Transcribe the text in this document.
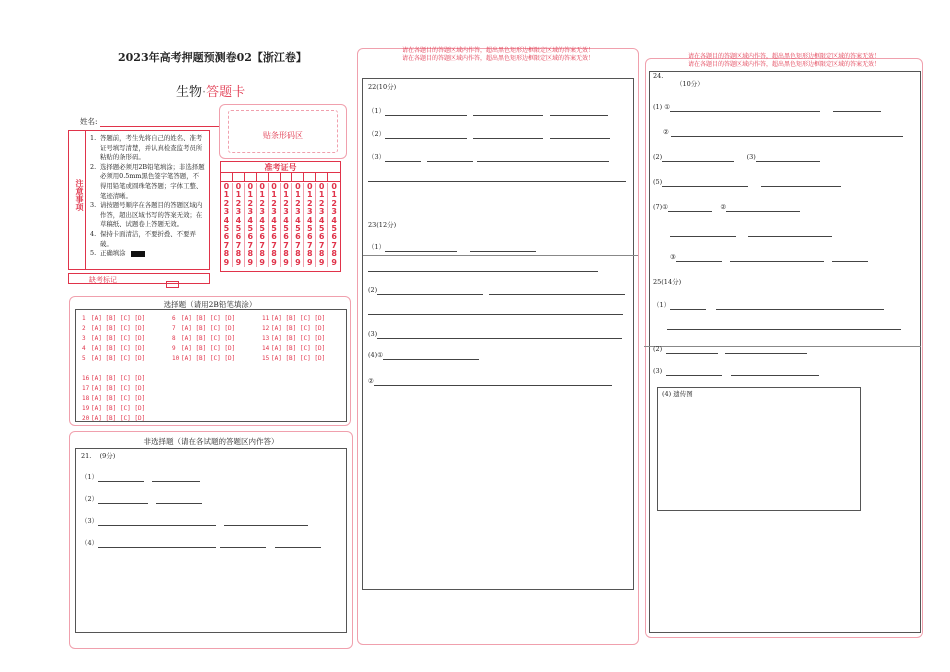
2023年高考押题预测卷02【浙江卷】
生物·答题卡
姓名:
贴条形码区
注意事项
1. 答题前，考生先将自己的姓名、准考证号填写清楚，并认真检查监考员所粘贴的条形码。
2. 选择题必须用2B铅笔填涂；非选择题必须用0.5mm黑色签字笔答题，不得用铅笔或圆珠笔答题；字体工整、笔迹清晰。
3. 请按题号顺序在各题目的答题区域内作答，超出区域书写的答案无效；在草稿纸、试题卷上答题无效。
4. 保持卡面清洁，不要折叠、不要弄破。
5. 正确填涂
准考证号
0
1
2
3
4
5
6
7
8
9
0
1
2
3
4
5
6
7
8
9
0
1
2
3
4
5
6
7
8
9
0
1
2
3
4
5
6
7
8
9
0
1
2
3
4
5
6
7
8
9
0
1
2
3
4
5
6
7
8
9
0
1
2
3
4
5
6
7
8
9
0
1
2
3
4
5
6
7
8
9
0
1
2
3
4
5
6
7
8
9
0
1
2
3
4
5
6
7
8
9
缺考标记
选择题（请用2B铅笔填涂）
1 [A] [B] [C] [D]
2 [A] [B] [C] [D]
3 [A] [B] [C] [D]
4 [A] [B] [C] [D]
5 [A] [B] [C] [D]
6 [A] [B] [C] [D]
7 [A] [B] [C] [D]
8 [A] [B] [C] [D]
9 [A] [B] [C] [D]
10 [A] [B] [C] [D]
11 [A] [B] [C] [D]
12 [A] [B] [C] [D]
13 [A] [B] [C] [D]
14 [A] [B] [C] [D]
15 [A] [B] [C] [D]
16 [A] [B] [C] [D]
17 [A] [B] [C] [D]
18 [A] [B] [C] [D]
19 [A] [B] [C] [D]
20 [A] [B] [C] [D]
非选择题（请在各试题的答题区内作答）
21. (9分)
（1）
（2）
（3）
（4）
请在各题目的答题区域内作答，超出黑色矩形边框限定区域的答案无效！
请在各题目的答题区域内作答，超出黑色矩形边框限定区域的答案无效！
22(10分)
（1）
（2）
（3）
23(12分)
（1）
(2)
(3)
(4)①
②
请在各题目的答题区域内作答，超出黑色矩形边框限定区域的答案无效！
请在各题目的答题区域内作答，超出黑色矩形边框限定区域的答案无效！
24.
（10分）
(1) ①
②
(2)	(3)
(5)
(7)①	②

③
25(14分)
（1）
(2)
(3)
(4) 遗传图
